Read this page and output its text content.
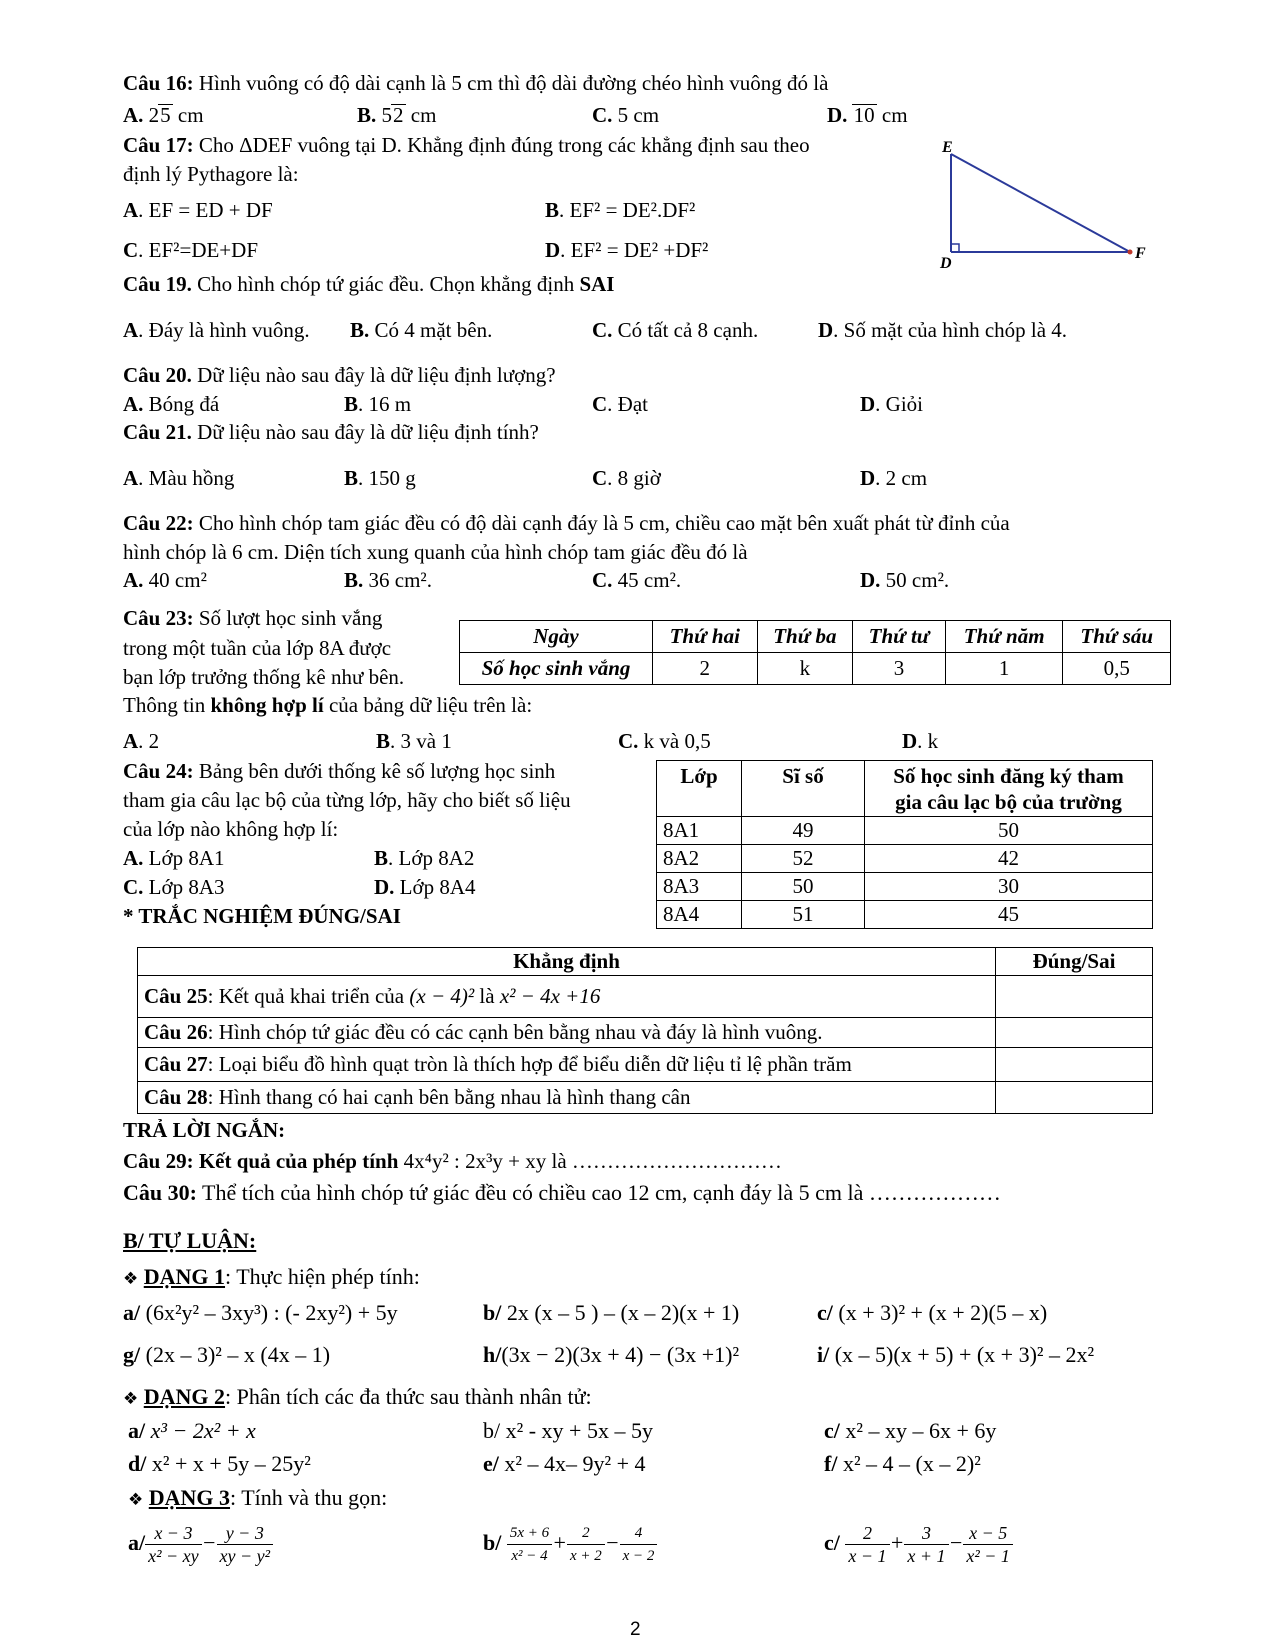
Câu 16: Hình vuông có độ dài cạnh là 5 cm thì độ dài đường chéo hình vuông đó là
A. 25 cm	B. 52 cm	C. 5 cm	D. 10 cm
Câu 17: Cho ΔDEF vuông tại D. Khẳng định đúng trong các khẳng định sau theo
định lý Pythagore là:
A. EF = ED + DF	B. EF² = DE².DF²
C. EF²=DE+DF	D. EF² = DE² +DF²
E
D
F
Câu 19. Cho hình chóp tứ giác đều. Chọn khẳng định SAI
A. Đáy là hình vuông. B. Có 4 mặt bên.	C. Có tất cả 8 cạnh.	D. Số mặt của hình chóp là 4.
Câu 20. Dữ liệu nào sau đây là dữ liệu định lượng?
A. Bóng đá	B. 16 m	C. Đạt	D. Giỏi
Câu 21. Dữ liệu nào sau đây là dữ liệu định tính?
A. Màu hồng	B. 150 g	C. 8 giờ	D. 2 cm
Câu 22: Cho hình chóp tam giác đều có độ dài cạnh đáy là 5 cm, chiều cao mặt bên xuất phát từ đỉnh của
hình chóp là 6 cm. Diện tích xung quanh của hình chóp tam giác đều đó là
A. 40 cm²	B. 36 cm².	C. 45 cm².	D. 50 cm².
Câu 23: Số lượt học sinh vắng
trong một tuần của lớp 8A được
bạn lớp trưởng thống kê như bên.
Thông tin không hợp lí của bảng dữ liệu trên là:
Ngày	Thứ hai	Thứ ba	Thứ tư	Thứ năm	Thứ sáu
Số học sinh vắng	2	k	3	1	0,5
A. 2	B. 3 và 1	C. k và 0,5	D. k
Câu 24: Bảng bên dưới thống kê số lượng học sinh
tham gia câu lạc bộ của từng lớp, hãy cho biết số liệu
của lớp nào không hợp lí:
A. Lớp 8A1	B. Lớp 8A2
C. Lớp 8A3	D. Lớp 8A4
* TRẮC NGHIỆM ĐÚNG/SAI
Lớp	Sĩ số	Số học sinh đăng ký tham
gia câu lạc bộ của trường
8A1	49	50
8A2	52	42
8A3	50	30
8A4	51	45
Khẳng định	Đúng/Sai
Câu 25: Kết quả khai triển của (x − 4)² là x² − 4x +16	
Câu 26: Hình chóp tứ giác đều có các cạnh bên bằng nhau và đáy là hình vuông.	
Câu 27: Loại biểu đồ hình quạt tròn là thích hợp để biểu diễn dữ liệu tỉ lệ phần trăm	
Câu 28: Hình thang có hai cạnh bên bằng nhau là hình thang cân	
TRẢ LỜI NGẮN:
Câu 29: Kết quả của phép tính 4x⁴y² : 2x³y + xy là …………………………
Câu 30: Thể tích của hình chóp tứ giác đều có chiều cao 12 cm, cạnh đáy là 5 cm là ………………
B/ TỰ LUẬN:
❖ DẠNG 1: Thực hiện phép tính:
a/ (6x²y² – 3xy³) : (- 2xy²) + 5y	b/ 2x (x – 5 ) – (x – 2)(x + 1)	c/ (x + 3)² + (x + 2)(5 – x)
g/ (2x – 3)² – x (4x – 1)	h/(3x − 2)(3x + 4) − (3x +1)²	i/ (x – 5)(x + 5) + (x + 3)² – 2x²
❖ DẠNG 2: Phân tích các đa thức sau thành nhân tử:
a/ x³ − 2x² + x	b/ x² - xy + 5x – 5y	c/ x² – xy – 6x + 6y
d/ x² + x + 5y – 25y²	e/ x² – 4x– 9y² + 4	f/ x² – 4 – (x – 2)²
❖ DẠNG 3: Tính và thu gọn:
$a/ \frac{x - 3}{\text{x² − xy}} - \frac{y - 3}{\text{xy − y²}}$	$b/ \frac{5x + 6}{\text{x² − 4}} + \frac{2}{x + 2} - \frac{4}{x - 2}$	$c/ \frac{2}{x - 1} + \frac{3}{x + 1} - \frac{x - 5}{\text{x² − 1}}$
2
